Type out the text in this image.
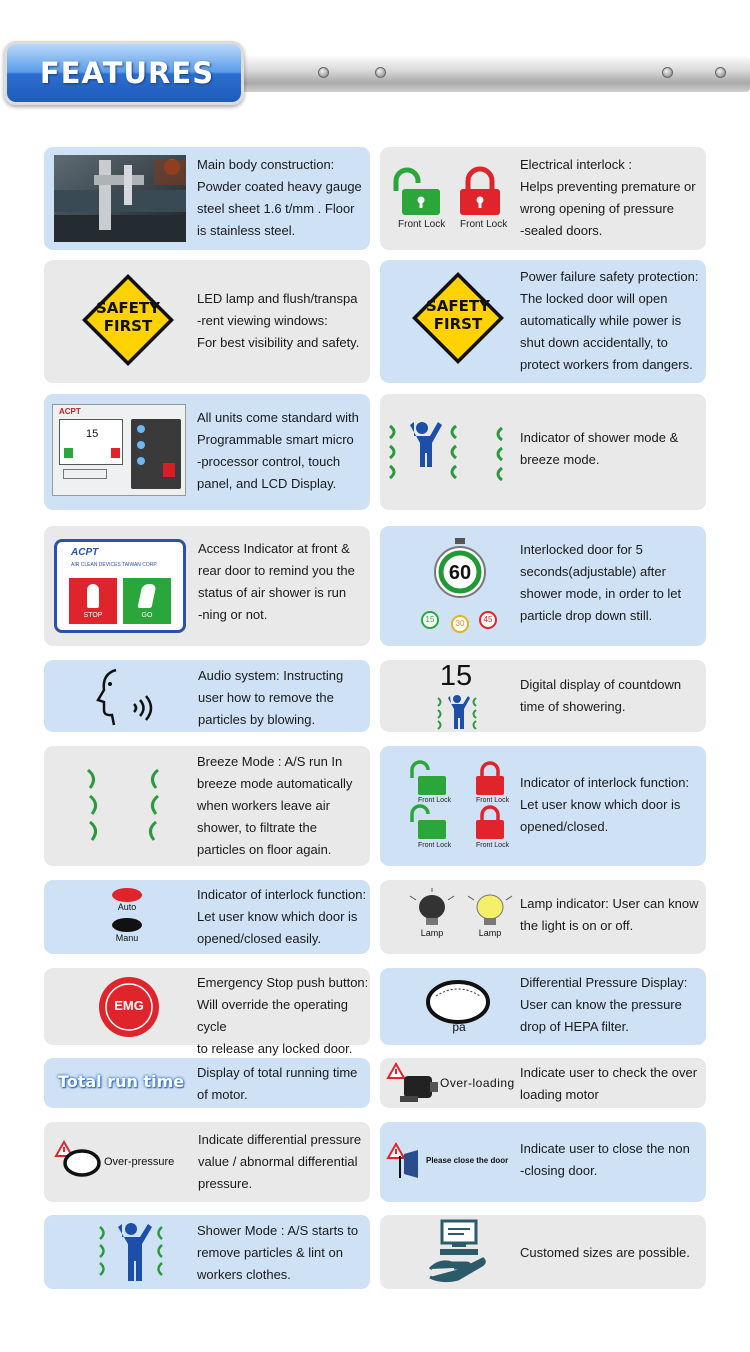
FEATURES
Main body construction:
Powder coated heavy gauge
steel sheet 1.6 t/mm . Floor
is stainless steel.	Front Lock Front Lock
Electrical interlock :
Helps preventing premature or
wrong opening of pressure
-sealed doors.
SAFETY
FIRST
LED lamp and flush/transpa
-rent viewing windows:
For best visibility and safety.
SAFETY
FIRST
Power failure safety protection:
The locked door will open
automatically while power is
shut down accidentally, to
protect workers from dangers.
ACPT
15
All units come standard with
Programmable smart micro
-processor control, touch
panel, and LCD Display.
Indicator of shower mode &
breeze mode.
ACPT
AIR CLEAN DEVICES TAIWAN CORP.
STOP	GO
Access Indicator at front &
rear door to remind you the
status of air shower is run
-ning or not.
60
15	30	45
Interlocked door for 5
seconds(adjustable) after
shower mode, in order to let
particle drop down still.
Audio system: Instructing
user how to remove the
particles by blowing.
15	Digital display of countdown
time of showering.
Breeze Mode : A/S run In
breeze mode automatically
when workers leave air
shower, to filtrate the
particles on floor again.
Front Lock	Front Lock
Front Lock	Front Lock
Indicator of interlock function:
Let user know which door is
opened/closed.
Auto
Manu
Indicator of interlock function:
Let user know which door is
opened/closed easily.	Lamp	Lamp
Lamp indicator: User can know
the light is on or off.
EMG
Emergency Stop push button:
Will override the operating cycle
to release any locked door.
pa
Differential Pressure Display:
User can know the pressure
drop of HEPA filter.
Total run time Display of total running time
of motor.
Over-loading
Indicate user to check the over
loading motor
Over-pressure
Indicate differential pressure
value / abnormal differential
pressure.
Please close the door
Indicate user to close the non
-closing door.
Shower Mode : A/S starts to
remove particles & lint on
workers clothes.
Customed sizes are possible.
